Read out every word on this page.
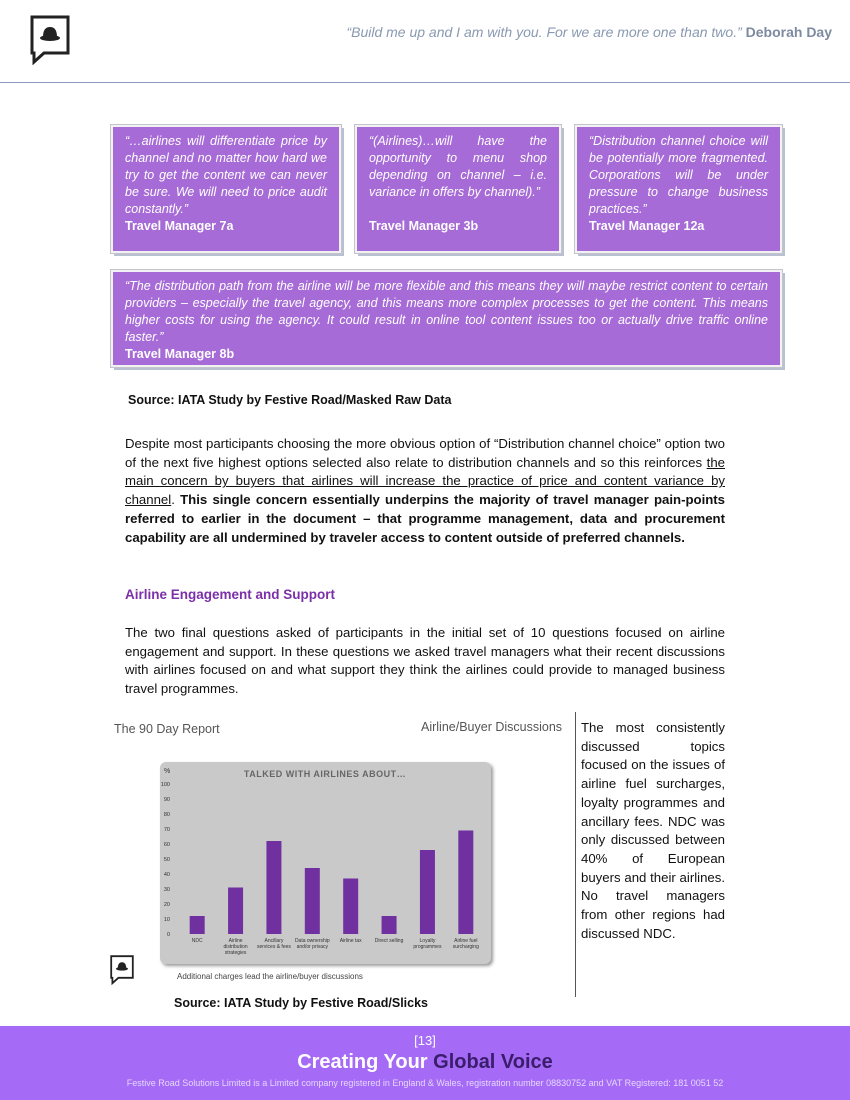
“Build me up and I am with you. For we are more one than two.” Deborah Day
“…airlines will differentiate price by channel and no matter how hard we try to get the content we can never be sure. We will need to price audit constantly.”
Travel Manager 7a
“(Airlines)…will have the opportunity to menu shop depending on channel – i.e. variance in offers by channel).”
Travel Manager 3b
“Distribution channel choice will be potentially more fragmented. Corporations will be under pressure to change business practices.”
Travel Manager 12a
“The distribution path from the airline will be more flexible and this means they will maybe restrict content to certain providers – especially the travel agency, and this means more complex processes to get the content. This means higher costs for using the agency. It could result in online tool content issues too or actually drive traffic online faster.”
Travel Manager 8b
Source: IATA Study by Festive Road/Masked Raw Data
Despite most participants choosing the more obvious option of “Distribution channel choice” option two of the next five highest options selected also relate to distribution channels and so this reinforces the main concern by buyers that airlines will increase the practice of price and content variance by channel. This single concern essentially underpins the majority of travel manager pain-points referred to earlier in the document – that programme management, data and procurement capability are all undermined by traveler access to content outside of preferred channels.
Airline Engagement and Support
The two final questions asked of participants in the initial set of 10 questions focused on airline engagement and support. In these questions we asked travel managers what their recent discussions with airlines focused on and what support they think the airlines could provide to managed business travel programmes.
The 90 Day Report	Airline/Buyer Discussions
TALKED WITH AIRLINES ABOUT…
%
0
10
20
30
40
50
60
70
80
90
100
NDC	Airline
distribution
strategies
Ancillary
services & fees
Data ownership
and/or privacy
Airline tax	Direct selling	Loyalty
programmes
Airline fuel
surcharging
Additional charges lead the airline/buyer discussions
Source: IATA Study by Festive Road/Slicks
The most consistently discussed topics focused on the issues of airline fuel surcharges, loyalty programmes and ancillary fees. NDC was only discussed between 40% of European buyers and their airlines. No travel managers from other regions had discussed NDC.
[13]
Creating Your Global Voice
Festive Road Solutions Limited is a Limited company registered in England & Wales, registration number 08830752 and VAT Registered: 181 0051 52
